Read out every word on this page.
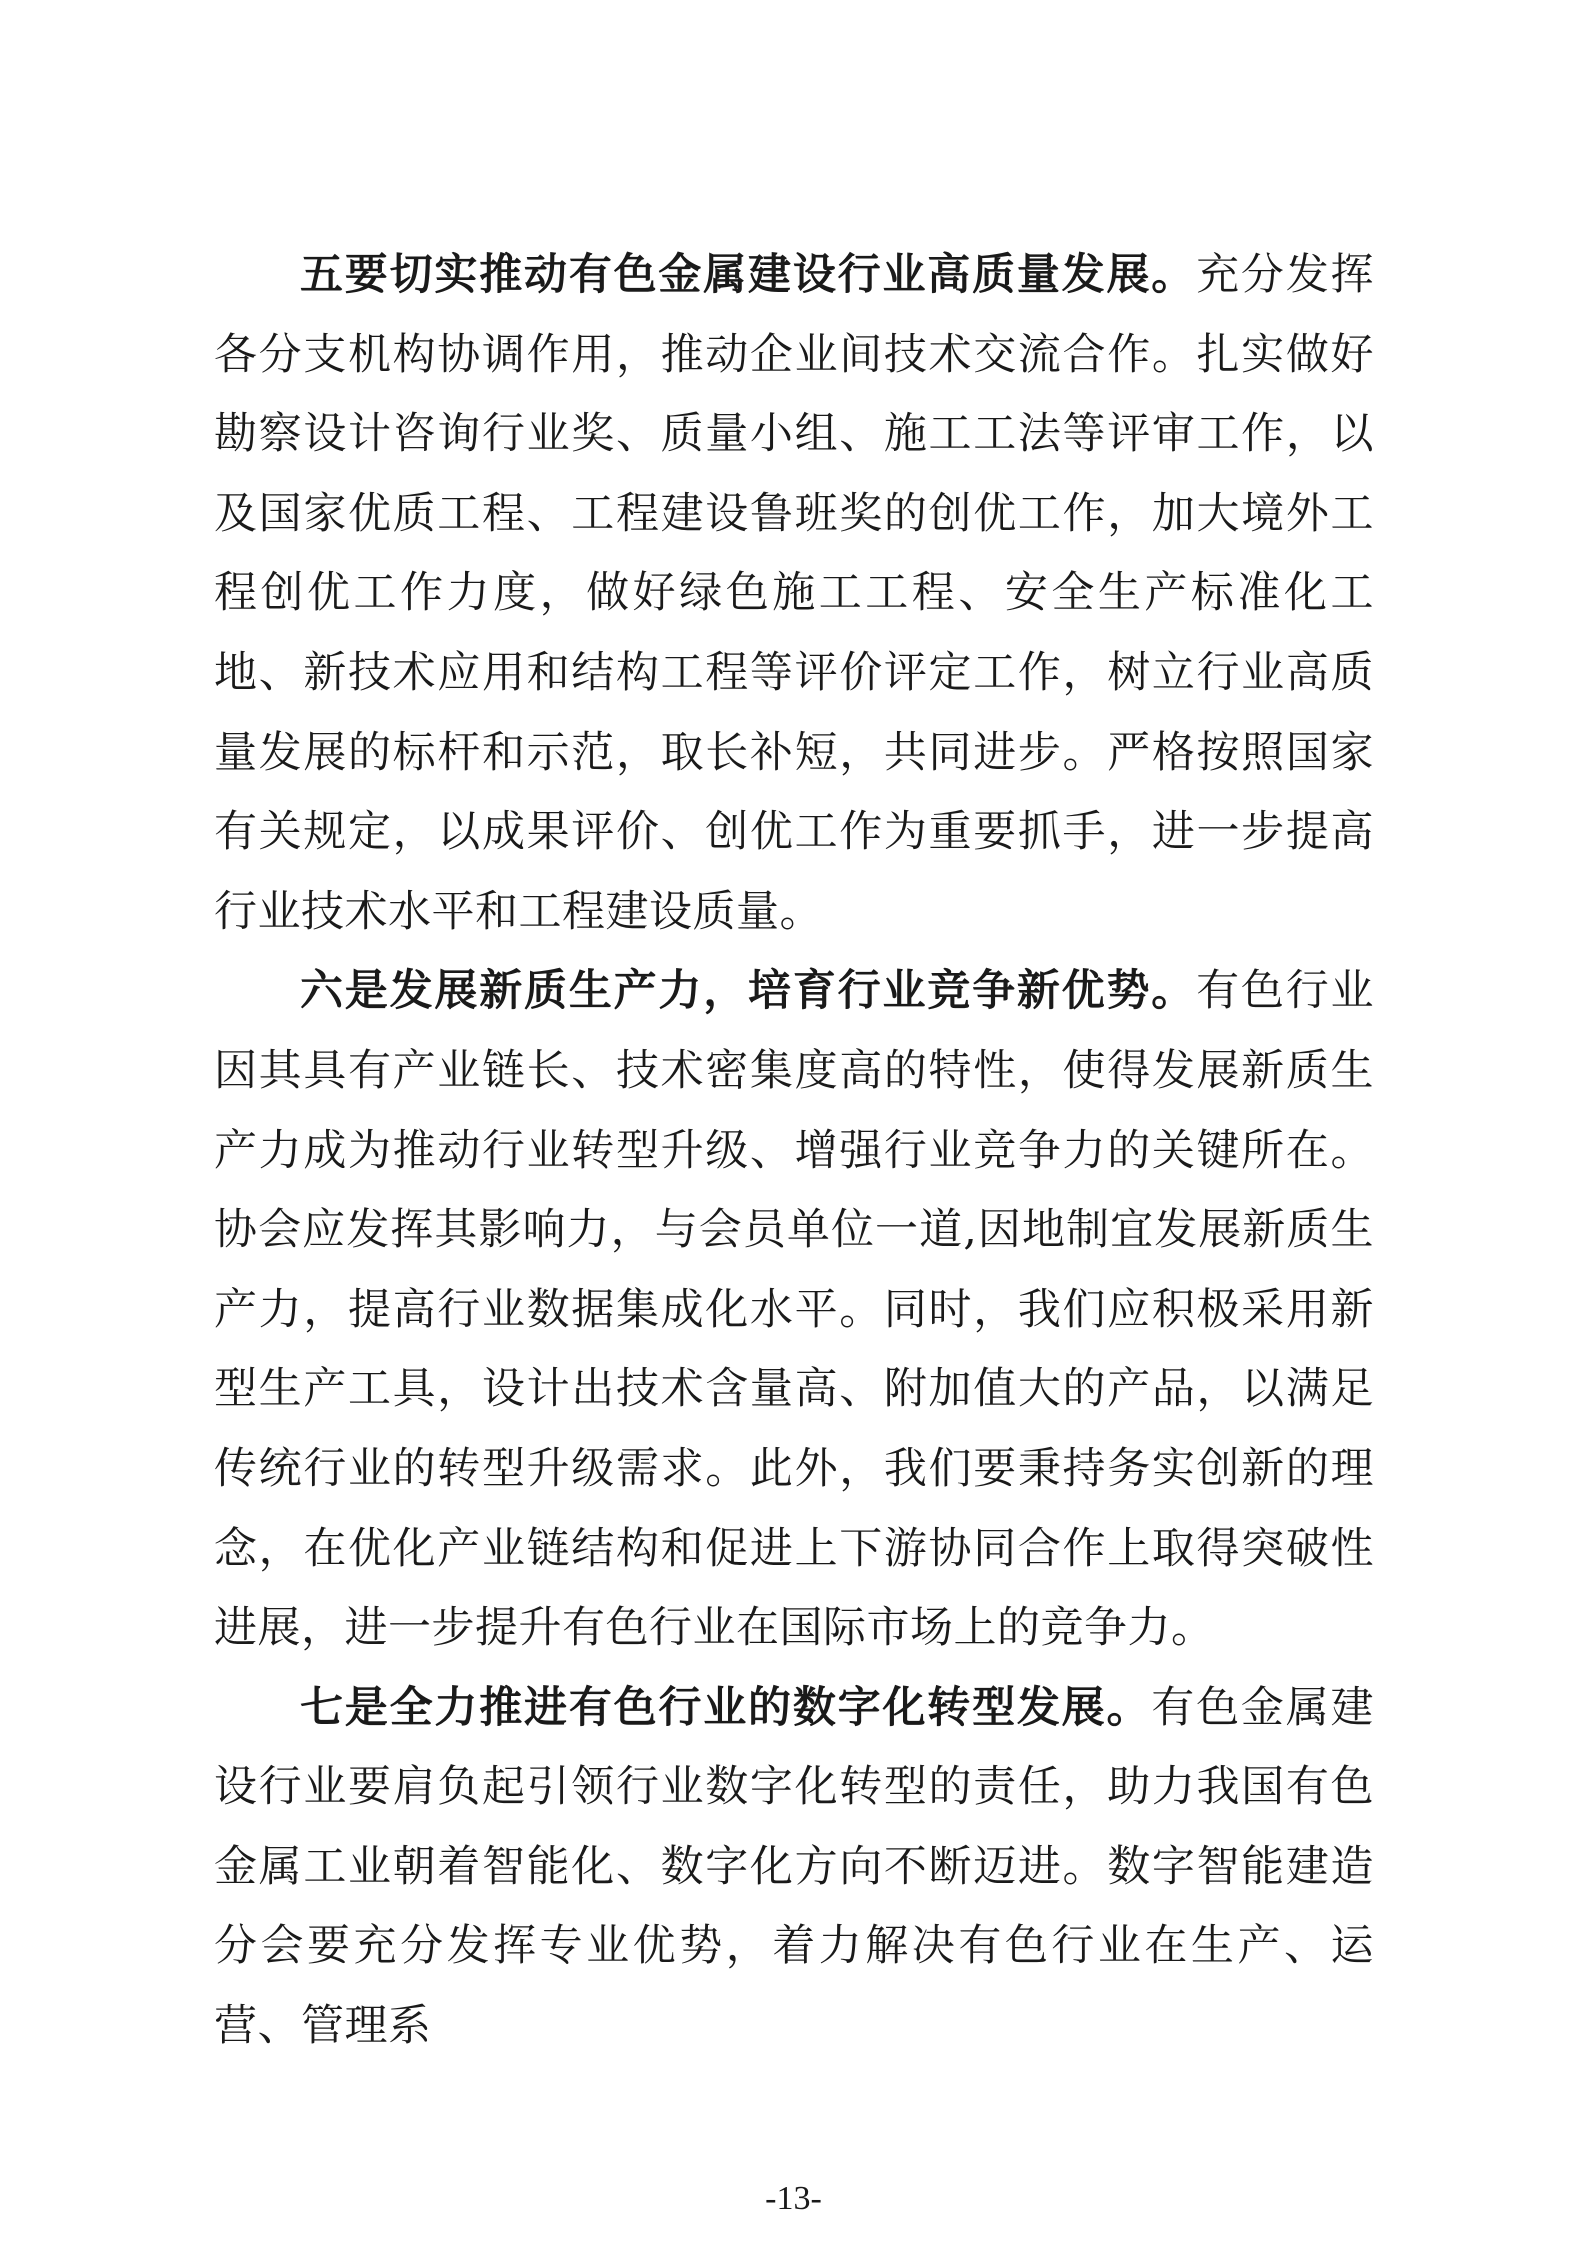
五要切实推动有色金属建设行业高质量发展。充分发挥各分支机构协调作用，推动企业间技术交流合作。扎实做好勘察设计咨询行业奖、质量小组、施工工法等评审工作，以及国家优质工程、工程建设鲁班奖的创优工作，加大境外工程创优工作力度，做好绿色施工工程、安全生产标准化工地、新技术应用和结构工程等评价评定工作，树立行业高质量发展的标杆和示范，取长补短，共同进步。严格按照国家有关规定，以成果评价、创优工作为重要抓手，进一步提高行业技术水平和工程建设质量。

六是发展新质生产力，培育行业竞争新优势。有色行业因其具有产业链长、技术密集度高的特性，使得发展新质生产力成为推动行业转型升级、增强行业竞争力的关键所在。协会应发挥其影响力，与会员单位一道,因地制宜发展新质生产力，提高行业数据集成化水平。同时，我们应积极采用新型生产工具，设计出技术含量高、附加值大的产品，以满足传统行业的转型升级需求。此外，我们要秉持务实创新的理念，在优化产业链结构和促进上下游协同合作上取得突破性进展，进一步提升有色行业在国际市场上的竞争力。

七是全力推进有色行业的数字化转型发展。有色金属建设行业要肩负起引领行业数字化转型的责任，助力我国有色金属工业朝着智能化、数字化方向不断迈进。数字智能建造分会要充分发挥专业优势，着力解决有色行业在生产、运营、管理系

-13-
